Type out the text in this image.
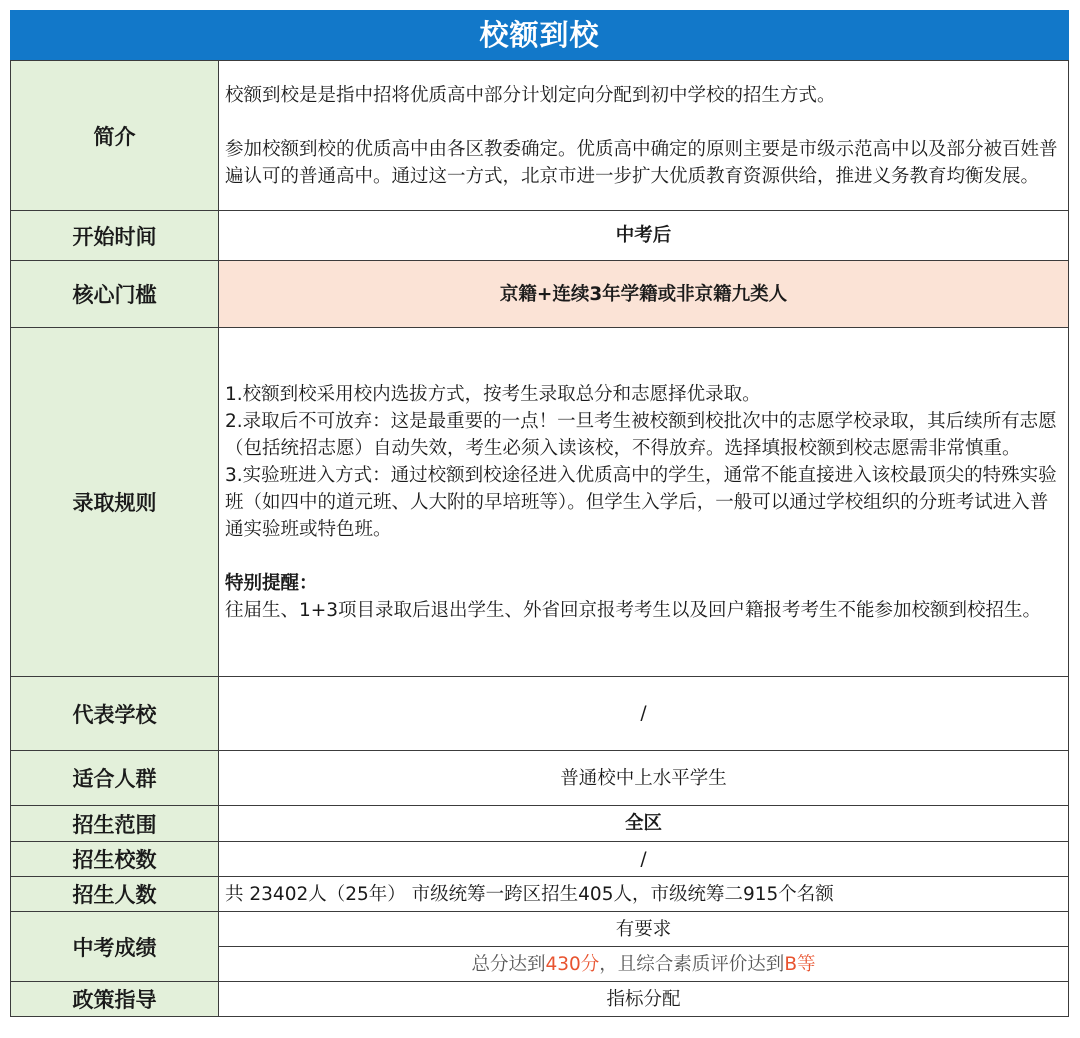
校额到校
简介	校额到校是是指中招将优质高中部分计划定向分配到初中学校的招生方式。

参加校额到校的优质高中由各区教委确定。优质高中确定的原则主要是市级示范高中以及部分被百姓普遍认可的普通高中。通过这一方式，北京市进一步扩大优质教育资源供给，推进义务教育均衡发展。

开始时间	中考后
核心门槛	京籍+连续3年学籍或非京籍九类人
录取规则	1.校额到校采用校内选拔方式，按考生录取总分和志愿择优录取。

2.录取后不可放弃：这是最重要的一点！一旦考生被校额到校批次中的志愿学校录取，其后续所有志愿（包括统招志愿）自动失效，考生必须入读该校，不得放弃。选择填报校额到校志愿需非常慎重。

3.实验班进入方式：通过校额到校途径进入优质高中的学生，通常不能直接进入该校最顶尖的特殊实验班（如四中的道元班、人大附的早培班等）。但学生入学后，一般可以通过学校组织的分班考试进入普通实验班或特色班。

特别提醒：

往届生、1+3项目录取后退出学生、外省回京报考考生以及回户籍报考考生不能参加校额到校招生。

代表学校	/
适合人群	普通校中上水平学生
招生范围	全区
招生校数	/
招生人数	共 23402人（25年） 市级统筹一跨区招生405人，市级统筹二915个名额
中考成绩	有要求
	总分达到430分，且综合素质评价达到B等
政策指导	指标分配
